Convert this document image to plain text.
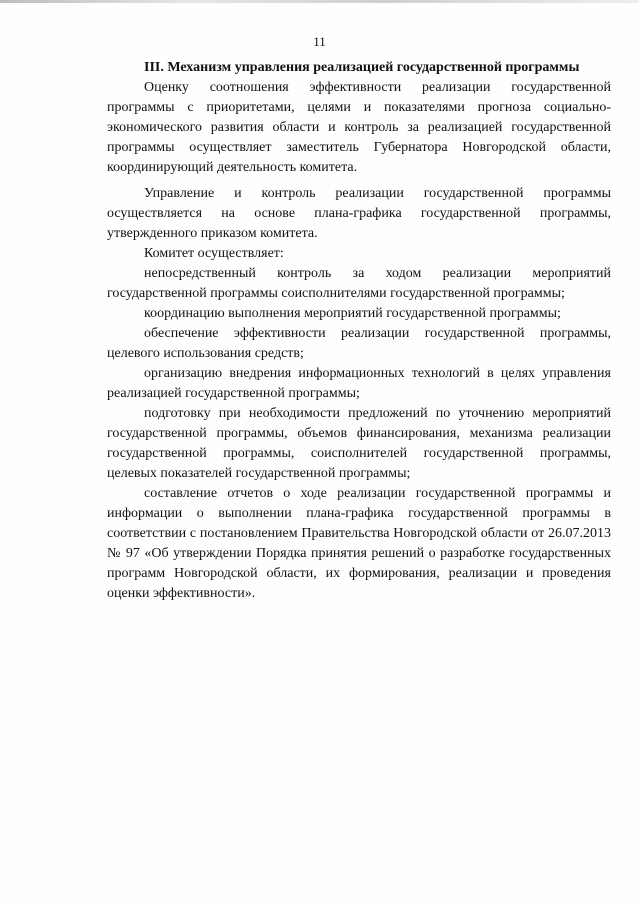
11

III. Механизм управления реализацией государственной программы

Оценку соотношения эффективности реализации государственной программы с приоритетами, целями и показателями прогноза социально-экономического развития области и контроль за реализацией государственной программы осуществляет заместитель Губернатора Новгородской области, координирующий деятельность комитета.

Управление и контроль реализации государственной программы осуществляется на основе плана-графика государственной программы, утвержденного приказом комитета.

Комитет осуществляет:

непосредственный контроль за ходом реализации мероприятий государственной программы соисполнителями государственной программы;

координацию выполнения мероприятий государственной программы;

обеспечение эффективности реализации государственной программы, целевого использования средств;

организацию внедрения информационных технологий в целях управления реализацией государственной программы;

подготовку при необходимости предложений по уточнению мероприятий государственной программы, объемов финансирования, механизма реализации государственной программы, соисполнителей государственной программы, целевых показателей государственной программы;

составление отчетов о ходе реализации государственной программы и информации о выполнении плана-графика государственной программы в соответствии с постановлением Правительства Новгородской области от 26.07.2013 № 97 «Об утверждении Порядка принятия решений о разработке государственных программ Новгородской области, их формирования, реализации и проведения оценки эффективности».
